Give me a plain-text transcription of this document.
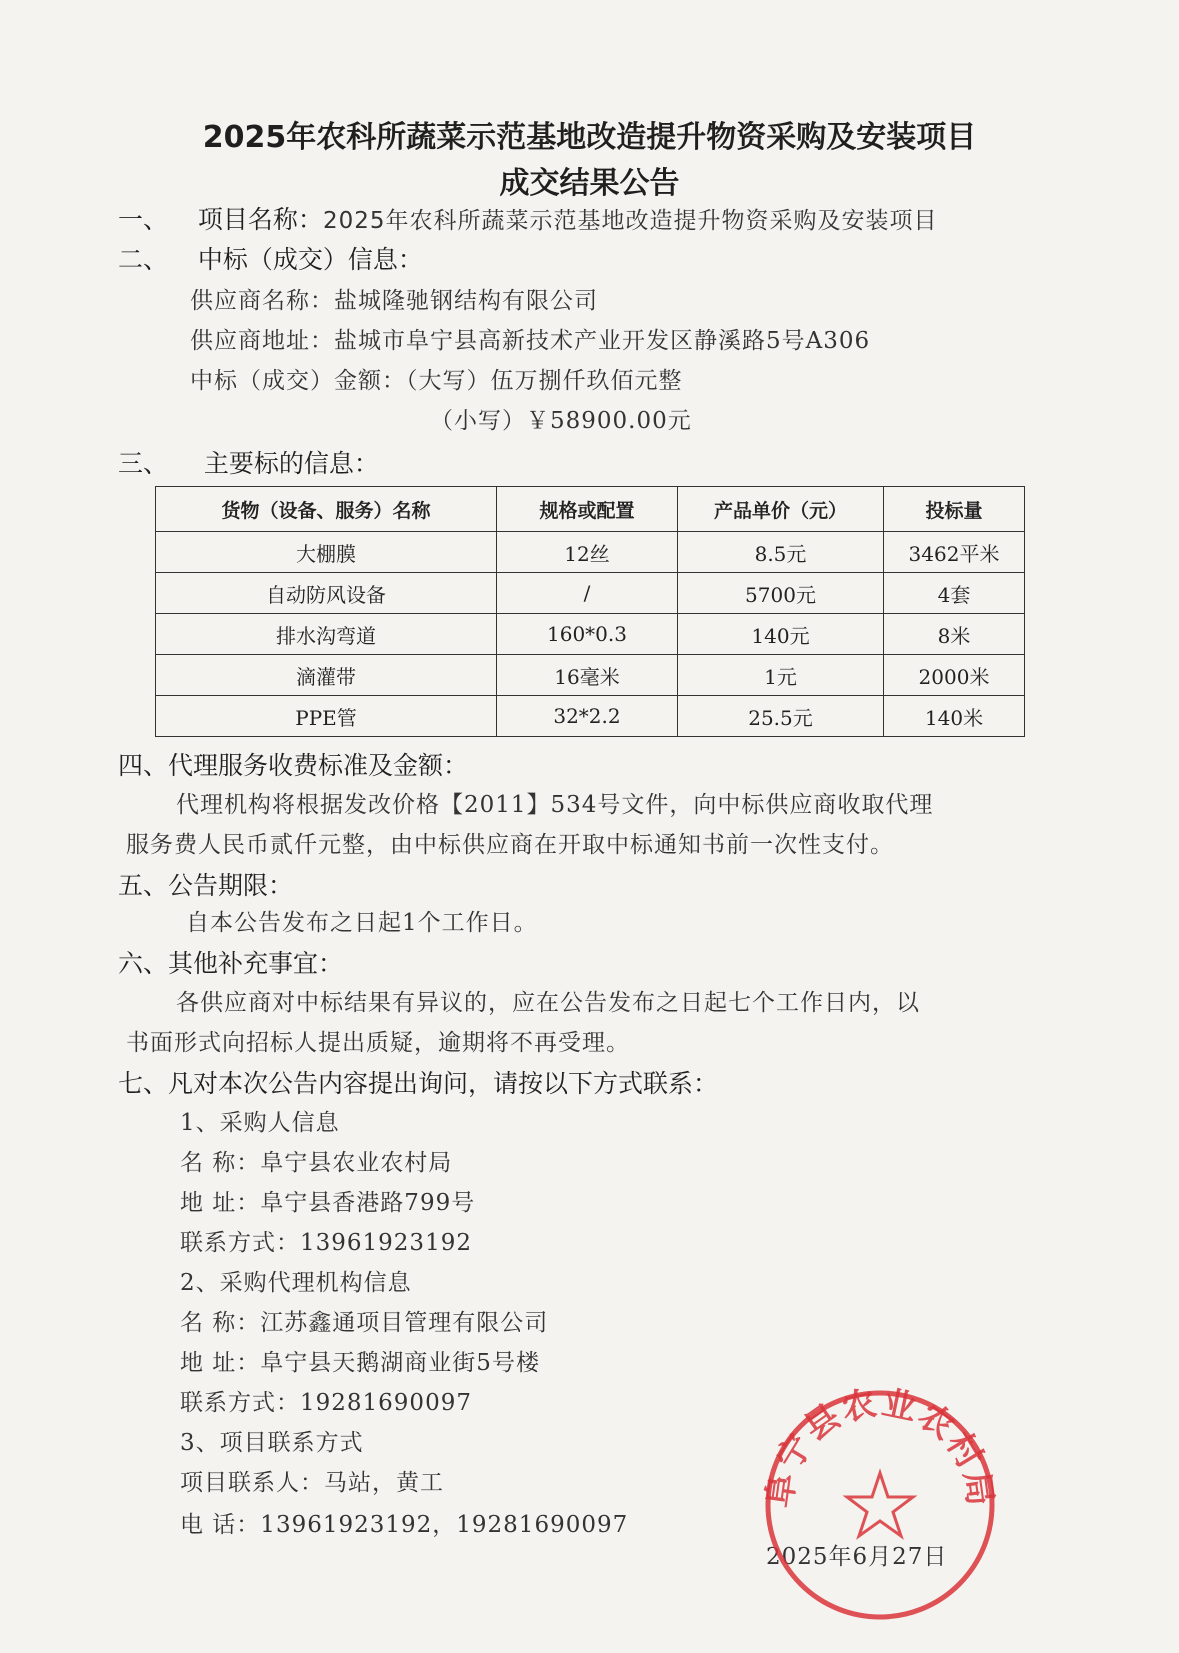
2025年农科所蔬菜示范基地改造提升物资采购及安装项目
成交结果公告
一、 项目名称：2025年农科所蔬菜示范基地改造提升物资采购及安装项目
二、 中标（成交）信息：
供应商名称：盐城隆驰钢结构有限公司
供应商地址：盐城市阜宁县高新技术产业开发区静溪路5号A306
中标（成交）金额：（大写）伍万捌仟玖佰元整
（小写）￥58900.00元
三、 主要标的信息：
货物（设备、服务）名称	规格或配置	产品单价（元）	投标量
大棚膜	12丝	8.5元	3462平米
自动防风设备	/	5700元	4套
排水沟弯道	160*0.3	140元	8米
滴灌带	16毫米	1元	2000米
PPE管	32*2.2	25.5元	140米
四、代理服务收费标准及金额：
代理机构将根据发改价格【2011】534号文件，向中标供应商收取代理
服务费人民币贰仟元整，由中标供应商在开取中标通知书前一次性支付。
五、公告期限：
自本公告发布之日起1个工作日。
六、其他补充事宜：
各供应商对中标结果有异议的，应在公告发布之日起七个工作日内，以
书面形式向招标人提出质疑，逾期将不再受理。
七、凡对本次公告内容提出询问，请按以下方式联系：
1、采购人信息
名 称：阜宁县农业农村局
地 址：阜宁县香港路799号
联系方式：13961923192
2、采购代理机构信息
名 称：江苏鑫通项目管理有限公司
地 址：阜宁县天鹅湖商业街5号楼
联系方式：19281690097
3、项目联系方式
项目联系人：马站，黄工
电 话：13961923192，19281690097
2025年6月27日
阜宁县农业农村局
